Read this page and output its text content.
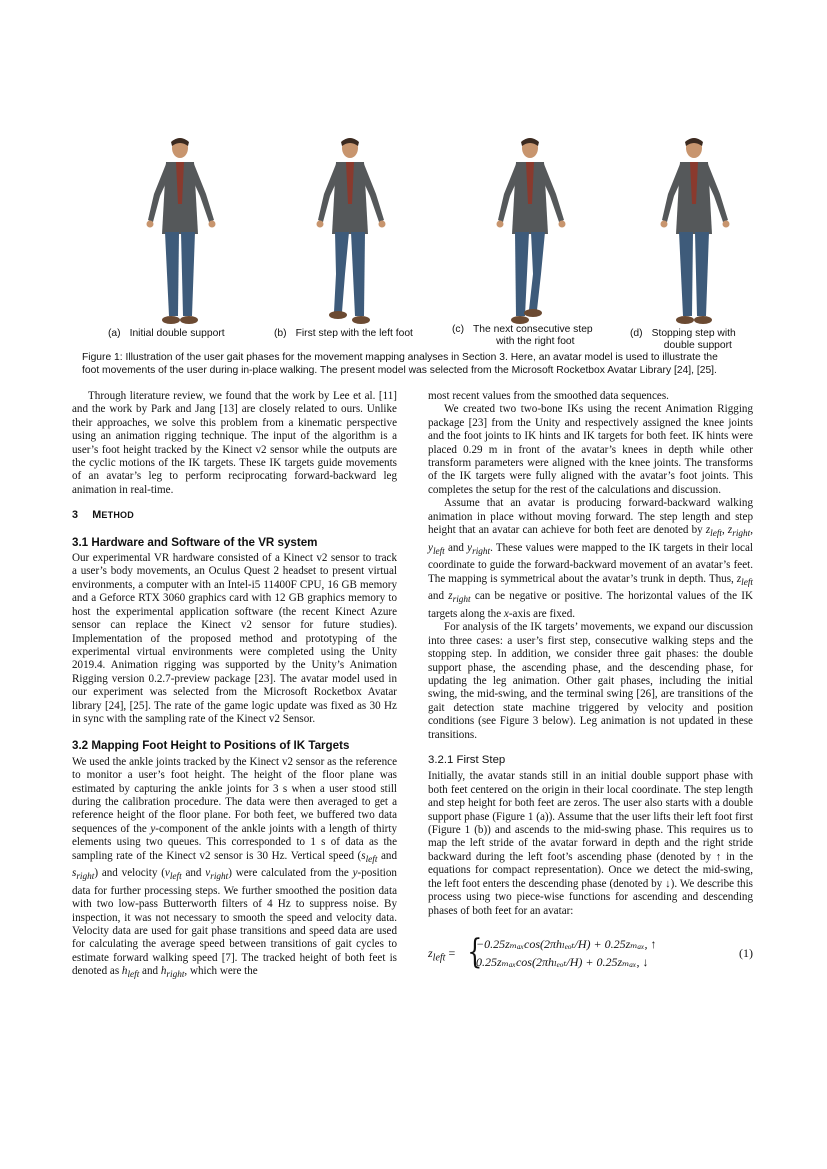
(a) Initial double support	(b) First step with the left foot	(c) The next consecutive step
with the right foot
(d) Stopping step with
double support
Figure 1: Illustration of the user gait phases for the movement mapping analyses in Section 3. Here, an avatar model is used to illustrate the
foot movements of the user during in-place walking. The present model was selected from the Microsoft Rocketbox Avatar Library [24], [25].

Through literature review, we found that the work by Lee et al. [11] and the work by Park and Jang [13] are closely related to ours. Unlike their approaches, we solve this problem from a kinematic perspective using an animation rigging technique. The input of the algorithm is a user’s foot height tracked by the Kinect v2 sensor while the outputs are the cyclic motions of the IK targets. These IK targets guide movements of an avatar’s leg to perform reciprocating forward-backward leg animation in real-time.

3 METHOD
3.1 Hardware and Software of the VR system

Our experimental VR hardware consisted of a Kinect v2 sensor to track a user’s body movements, an Oculus Quest 2 headset to present virtual environments, a computer with an Intel-i5 11400F CPU, 16 GB memory and a Geforce RTX 3060 graphics card with 12 GB graphics memory to host the experimental application software (the recent Kinect Azure sensor can replace the Kinect v2 sensor for future studies). Implementation of the proposed method and prototyping of the experimental virtual environments were completed using the Unity 2019.4. Animation rigging was supported by the Unity’s Animation Rigging version 0.2.7-preview package [23]. The avatar model used in our experiment was selected from the Microsoft Rocketbox Avatar library [24], [25]. The rate of the game logic update was fixed as 30 Hz in sync with the sampling rate of the Kinect v2 Sensor.

3.2 Mapping Foot Height to Positions of IK Targets

We used the ankle joints tracked by the Kinect v2 sensor as the reference to monitor a user’s foot height. The height of the floor plane was estimated by capturing the ankle joints for 3 s when a user stood still during the calibration procedure. The data were then averaged to get a reference height of the floor plane. For both feet, we buffered two data sequences of the y-component of the ankle joints with a length of thirty elements using two queues. This corresponded to 1 s of data as the sampling rate of the Kinect v2 sensor is 30 Hz. Vertical speed ($s_{left}$ and $s_{right}$) and velocity ($v_{left}$ and $v_{right}$) were calculated from the y-position data for further processing steps. We further smoothed the position data with two low-pass Butterworth filters of 4 Hz to suppress noise. By inspection, it was not necessary to smooth the speed and velocity data. Velocity data are used for gait phase transitions and speed data are used for calculating the average speed between transitions of gait cycles to estimate forward walking speed [7]. The tracked height of both feet is denoted as $h_{left}$ and $h_{right}$, which were the

most recent values from the smoothed data sequences.

We created two two-bone IKs using the recent Animation Rigging package [23] from the Unity and respectively assigned the knee joints and the foot joints to IK hints and IK targets for both feet. IK hints were placed 0.29 m in front of the avatar’s knees in depth while other transform parameters were aligned with the knee joints. The transforms of the IK targets were fully aligned with the avatar’s foot joints. This completes the setup for the rest of the calculations and discussion.

Assume that an avatar is producing forward-backward walking animation in place without moving forward. The step length and step height that an avatar can achieve for both feet are denoted by $z_{left}$, $z_{right}$, $y_{left}$ and $y_{right}$. These values were mapped to the IK targets in their local coordinate to guide the forward-backward movement of an avatar’s feet. The mapping is symmetrical about the avatar’s trunk in depth. Thus, $z_{left}$ and $z_{right}$ can be negative or positive. The horizontal values of the IK targets along the x-axis are fixed.

For analysis of the IK targets’ movements, we expand our discussion into three cases: a user’s first step, consecutive walking steps and the stopping step. In addition, we consider three gait phases: the double support phase, the ascending phase, and the descending phase, for updating the leg animation. Other gait phases, including the initial swing, the mid-swing, and the terminal swing [26], are transitions of the gait detection state machine triggered by velocity and position conditions (see Figure 3 below). Leg animation is not updated in these transitions.

3.2.1 First Step

Initially, the avatar stands still in an initial double support phase with both feet centered on the origin in their local coordinate. The step length and step height for both feet are zeros. The user also starts with a double support phase (Figure 1 (a)). Assume that the user lifts their left foot first (Figure 1 (b)) and ascends to the mid-swing phase. This requires us to map the left stride of the avatar forward in depth and the right stride backward during the left foot’s ascending phase (denoted by ↑ in the equations for compact representation). Once we detect the mid-swing, the left foot enters the descending phase (denoted by ↓). We describe this process using two piece-wise functions for ascending and descending phases of both feet for an avatar:

$z_{left}$ = {
−0.25zₘₐₓcos(2πhₗₑₒₜ/H) + 0.25zₘₐₓ, ↑
0.25zₘₐₓcos(2πhₗₑₒₜ/H) + 0.25zₘₐₓ, ↓
(1)
